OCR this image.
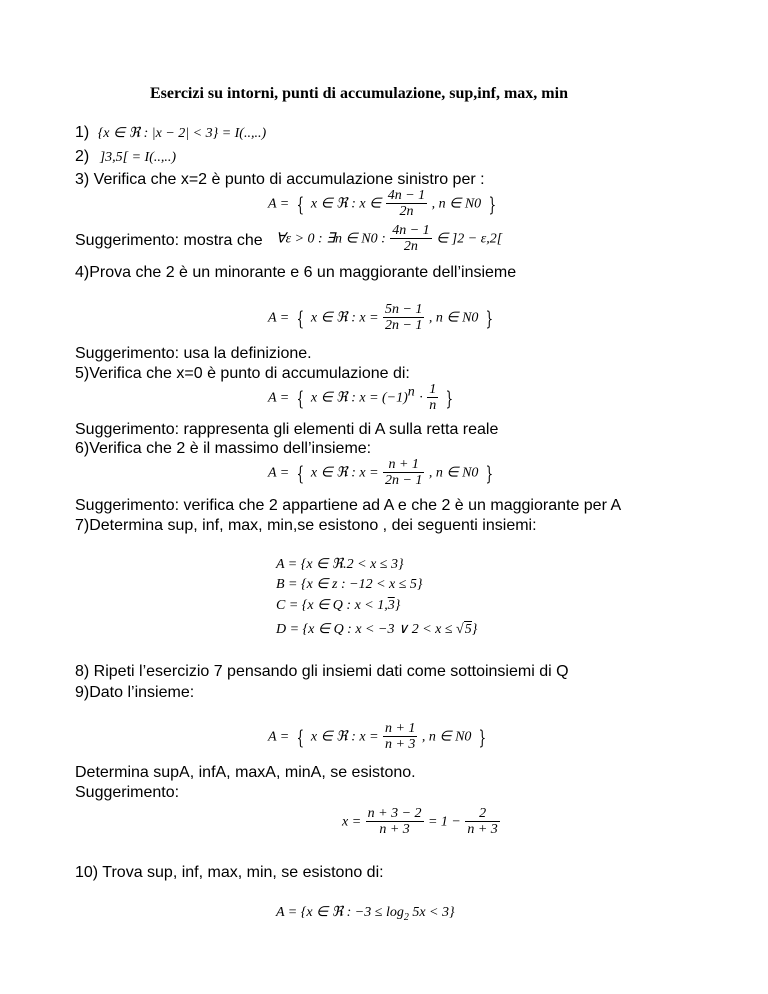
Esercizi su intorni, punti di accumulazione, sup,inf, max, min
1) {x ∈ ℜ : |x − 2| < 3} = I(..,..)
2) ]3,5[ = I(..,..)
3) Verifica che x=2 è punto di accumulazione sinistro per :
A = { x ∈ ℜ : x ∈ $\frac{4n - 1}{2n}$ , n ∈ N0 }
Suggerimento: mostra che ∀ε > 0 : ∃n ∈ N0 : $\frac{4n - 1}{2n}$ ∈ ]2 − ε,2[
4)Prova che 2 è un minorante e 6 un maggiorante dell’insieme
A = { x ∈ ℜ : $x = \frac{5n - 1}{2n - 1}$ , n ∈ N0 }
Suggerimento: usa la definizione.
5)Verifica che x=0 è punto di accumulazione di:
A = { x ∈ ℜ : $x = (-1)^n \cdot \frac{1}{n}$ }
Suggerimento: rappresenta gli elementi di A sulla retta reale
6)Verifica che 2 è il massimo dell’insieme:
A = { x ∈ ℜ : $x = \frac{n + 1}{2n - 1}$ , n ∈ N0 }
Suggerimento: verifica che 2 appartiene ad A e che 2 è un maggiorante per A
7)Determina sup, inf, max, min,se esistono , dei seguenti insiemi:
A = {x ∈ ℜ.2 < x ≤ 3}
B = {x ∈ z : −12 < x ≤ 5}
C = {x ∈ Q : x < 1,3}
D = {x ∈ Q : x < −3 ∨ 2 < x ≤ √5}
8) Ripeti l’esercizio 7 pensando gli insiemi dati come sottoinsiemi di Q
9)Dato l’insieme:
A = { x ∈ ℜ : $x = \frac{n + 1}{n + 3}$ , n ∈ N0 }
Determina supA, infA, maxA, minA, se esistono.
Suggerimento:
$x = \frac{n + 3 - 2}{n + 3} = 1 - \frac{2}{n + 3}$
10) Trova sup, inf, max, min, se esistono di:
A = {x ∈ ℜ : $-3 \le \log_2 5x < 3$}
